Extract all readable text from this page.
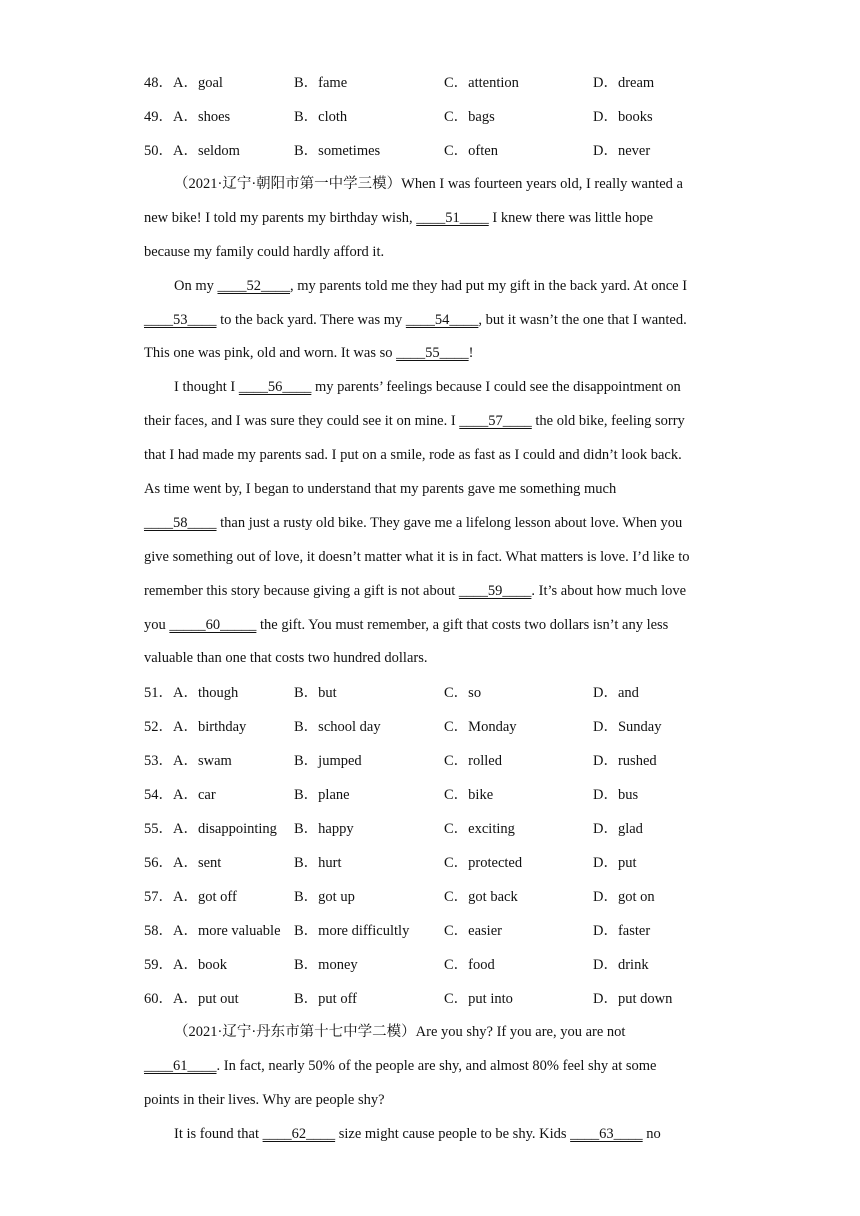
48．A．goal	B．fame	C．attention	D．dream
49．A．shoes	B．cloth	C．bags	D．books
50．A．seldom	B．sometimes	C．often	D．never
（2021·辽宁·朝阳市第一中学三模）When I was fourteen years old, I really wanted a
new bike! I told my parents my birthday wish, ____51____ I knew there was little hope
because my family could hardly afford it.
On my ____52____, my parents told me they had put my gift in the back yard. At once I
____53____ to the back yard. There was my ____54____, but it wasn’t the one that I wanted.
This one was pink, old and worn. It was so ____55____!
I thought I ____56____ my parents’ feelings because I could see the disappointment on
their faces, and I was sure they could see it on mine. I ____57____ the old bike, feeling sorry
that I had made my parents sad. I put on a smile, rode as fast as I could and didn’t look back.
As time went by, I began to understand that my parents gave me something much
____58____ than just a rusty old bike. They gave me a lifelong lesson about love. When you
give something out of love, it doesn’t matter what it is in fact. What matters is love. I’d like to
remember this story because giving a gift is not about ____59____. It’s about how much love
you _____60_____ the gift. You must remember, a gift that costs two dollars isn’t any less
valuable than one that costs two hundred dollars.
51．A．though	B．but	C．so	D．and
52．A．birthday	B．school day	C．Monday	D．Sunday
53．A．swam	B．jumped	C．rolled	D．rushed
54．A．car	B．plane	C．bike	D．bus
55．A．disappointing B．happy	C．exciting	D．glad
56．A．sent	B．hurt	C．protected	D．put
57．A．got off	B．got up	C．got back	D．got on
58．A．more valuable B．more difficultly C．easier	D．faster
59．A．book	B．money	C．food	D．drink
60．A．put out	B．put off	C．put into	D．put down
（2021·辽宁·丹东市第十七中学二模）Are you shy? If you are, you are not
____61____. In fact, nearly 50% of the people are shy, and almost 80% feel shy at some
points in their lives. Why are people shy?
It is found that ____62____ size might cause people to be shy. Kids ____63____ no
